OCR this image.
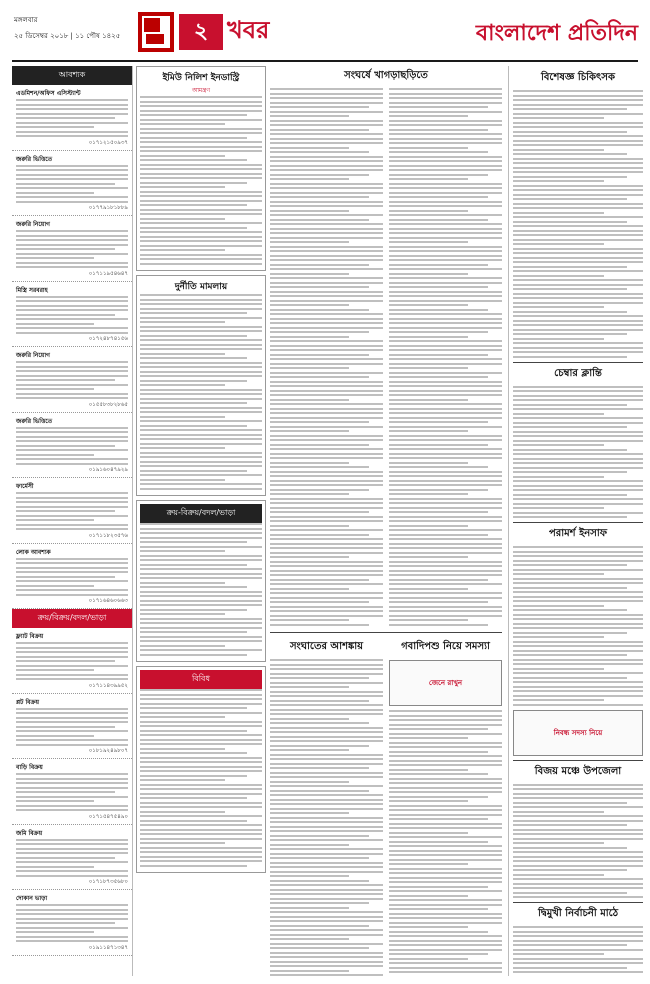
মঙ্গলবার
২৫ ডিসেম্বর ২০১৮ | ১১ পৌষ ১৪২৫	২ খবর	বাংলাদেশ প্রতিদিন
আবশ্যক
এডমিশন/অফিস এসিস্ট্যান্ট
০১৭১২১৫০৯৩৭
জরুরি ভিত্তিতে
০১৭৭৯১৮১৮৮৯
জরুরি নিয়োগ
০১৭১১৯৫৪৬৪৭
মিস্ত্রি সরবরাহ
০১৭২৪৮৭৪১৫৬
জরুরি নিয়োগ
০১৫৫৮৩৮২৮৬৫
জরুরি ভিত্তিতে
০১৯১৬০৪৭৯২৯
ফার্মেসী
০১৭১১৮২৩৫৭৬
লোক আবশ্যক
০১৭১৬৪৬০৬৬৩
ক্রয়/বিক্রয়/বদল/ভাড়া
ফ্ল্যাট বিক্রয়
০১৭১১৪৩৯৯৫২
প্লট বিক্রয়
০১৮১৯২৪৯৮০৭
বাড়ি বিক্রয়
০১৭১৫৪৭৫৪৯০
জমি বিক্রয়
০১৭১৮৭৩৫৬৮০
দোকান ভাড়া
০১৯১১৪৭১৩৪৭
ইমিউ নিলিশ ইনডাস্ট্রি
আমন্ত্রণ
দুর্নীতি মামলায়
ক্রয়-বিক্রয়/বদল/ভাড়া
বিবিধ
সংঘর্ষে খাগড়াছড়িতে
সংঘাতের আশঙ্কায়	গবাদিপশু নিয়ে সমস্যা
জেনে রাখুন
বিশেষজ্ঞ চিকিৎসক
চেম্বার ক্লান্তি
পরামর্শ ইনসাফ
নিবন্ধ সদস্য নিয়ে
বিজয় মঞ্চে উপজেলা
দ্বিমুখী নির্বাচনী মাঠে
